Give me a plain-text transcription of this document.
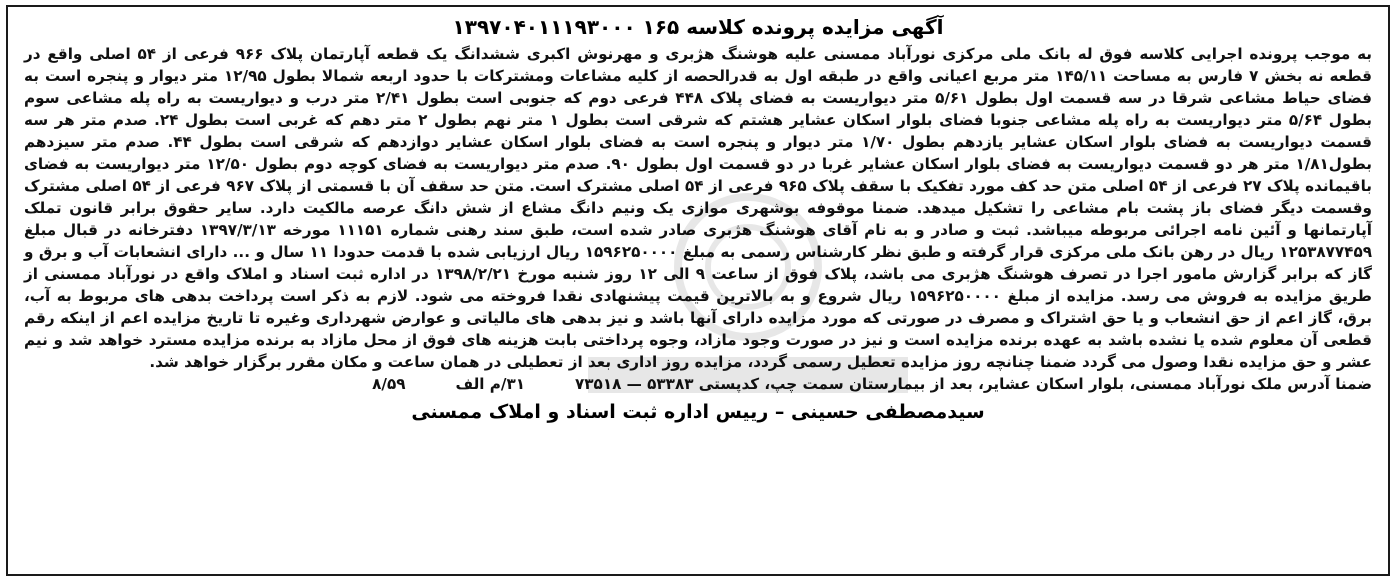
آگهی مزایده پرونده کلاسه ۱۶۵ ۱۳۹۷۰۴۰۱۱۱۹۳۰۰۰

به موجب پرونده اجرایی کلاسه فوق له بانک ملی مرکزی نورآباد ممسنی علیه هوشنگ هژبری و مهرنوش اکبری ششدانگ یک قطعه آپارتمان پلاک ۹۶۶ فرعی از ۵۴ اصلی واقع در قطعه نه بخش ۷ فارس به مساحت ۱۴۵/۱۱ متر مربع اعیانی واقع در طبقه اول به قدرالحصه از کلیه مشاعات ومشترکات با حدود اربعه شمالا بطول ۱۲/۹۵ متر دیوار و پنجره است به فضای حیاط مشاعی شرقا در سه قسمت اول بطول ۵/۶۱ متر دیواریست به فضای پلاک ۴۴۸ فرعی دوم که جنوبی است بطول ۲/۴۱ متر درب و دیواریست به راه پله مشاعی سوم بطول ۵/۶۴ متر دیواریست به راه پله مشاعی جنوبا فضای بلوار اسکان عشایر هشتم که شرقی است بطول ۱ متر نهم بطول ۲ متر دهم که غربی است بطول ۲۴. صدم متر هر سه قسمت دیواریست به فضای بلوار اسکان عشایر یازدهم بطول ۱/۷۰ متر دیوار و پنجره است به فضای بلوار اسکان عشایر دوازدهم که شرقی است بطول ۴۴. صدم متر سیزدهم بطول۱/۸۱ متر هر دو قسمت دیواریست به فضای بلوار اسکان عشایر غربا در دو قسمت اول بطول ۹۰. صدم متر دیواریست به فضای کوچه دوم بطول ۱۲/۵۰ متر دیواریست به فضای باقیمانده پلاک ۲۷ فرعی از ۵۴ اصلی متن حد کف مورد تفکیک با سقف پلاک ۹۶۵ فرعی از ۵۴ اصلی مشترک است. متن حد سقف آن با قسمتی از پلاک ۹۶۷ فرعی از ۵۴ اصلی مشترک وقسمت دیگر فضای باز پشت بام مشاعی را تشکیل میدهد. ضمنا موقوفه بوشهری موازی یک ونیم دانگ مشاع از شش دانگ عرصه مالکیت دارد. سایر حقوق برابر قانون تملک آپارتمانها و آئین نامه اجرائی مربوطه میباشد. ثبت و صادر و به نام آقای هوشنگ هژبری صادر شده است، طبق سند رهنی شماره ۱۱۱۵۱ مورخه ۱۳۹۷/۳/۱۳ دفترخانه در قبال مبلغ ۱۲۵۳۸۷۷۴۵۹ ریال در رهن بانک ملی مرکزی قرار گرفته و طبق نظر کارشناس رسمی به مبلغ ۱۵۹۶۲۵۰۰۰۰ ریال ارزیابی شده با قدمت حدودا ۱۱ سال و ... دارای انشعابات آب و برق و گاز که برابر گزارش مامور اجرا در تصرف هوشنگ هژبری می باشد، پلاک فوق از ساعت ۹ الی ۱۲ روز شنبه مورخ ۱۳۹۸/۲/۲۱ در اداره ثبت اسناد و املاک واقع در نورآباد ممسنی از طریق مزایده به فروش می رسد. مزایده از مبلغ ۱۵۹۶۲۵۰۰۰۰ ریال شروع و به بالاترین قیمت پیشنهادی نقدا فروخته می شود. لازم به ذکر است پرداخت بدهی های مربوط به آب، برق، گاز اعم از حق انشعاب و یا حق اشتراک و مصرف در صورتی که مورد مزایده دارای آنها باشد و نیز بدهی های مالیاتی و عوارض شهرداری وغیره تا تاریخ مزایده اعم از اینکه رقم قطعی آن معلوم شده یا نشده باشد به عهده برنده مزایده است و نیز در صورت وجود مازاد، وجوه پرداختی بابت هزینه های فوق از محل مازاد به برنده مزایده مسترد خواهد شد و نیم عشر و حق مزایده نقدا وصول می گردد ضمنا چنانچه روز مزایده تعطیل رسمی گردد، مزایده روز اداری بعد از تعطیلی در همان ساعت و مکان مقرر برگزار خواهد شد.

ضمنا آدرس ملک نورآباد ممسنی، بلوار اسکان عشایر، بعد از بیمارستان سمت چپ، کدپستی ۵۳۳۸۳ — ۷۳۵۱۸
۳۱/م الف
۸/۵۹
سیدمصطفی حسینی – رییس اداره ثبت اسناد و املاک ممسنی
